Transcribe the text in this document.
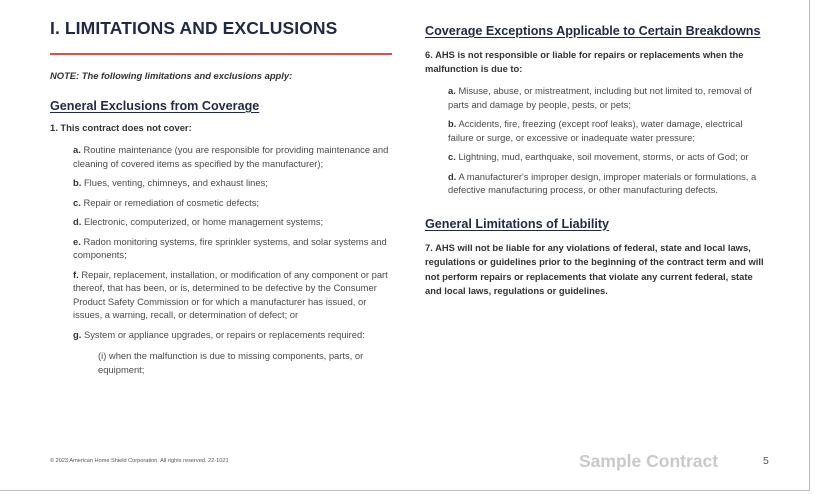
I. LIMITATIONS AND EXCLUSIONS
NOTE: The following limitations and exclusions apply:
General Exclusions from Coverage
1. This contract does not cover:
a. Routine maintenance (you are responsible for providing maintenance and cleaning of covered items as specified by the manufacturer);
b. Flues, venting, chimneys, and exhaust lines;
c. Repair or remediation of cosmetic defects;
d. Electronic, computerized, or home management systems;
e. Radon monitoring systems, fire sprinkler systems, and solar systems and components;
f. Repair, replacement, installation, or modification of any component or part thereof, that has been, or is, determined to be defective by the Consumer Product Safety Commission or for which a manufacturer has issued, or issues, a warning, recall, or determination of defect; or
g. System or appliance upgrades, or repairs or replacements required:
(i) when the malfunction is due to missing components, parts, or equipment;
Coverage Exceptions Applicable to Certain Breakdowns
6. AHS is not responsible or liable for repairs or replacements when the malfunction is due to:
a. Misuse, abuse, or mistreatment, including but not limited to, removal of parts and damage by people, pests, or pets;
b. Accidents, fire, freezing (except roof leaks), water damage, electrical failure or surge, or excessive or inadequate water pressure;
c. Lightning, mud, earthquake, soil movement, storms, or acts of God; or
d. A manufacturer's improper design, improper materials or formulations, a defective manufacturing process, or other manufacturing defects.
General Limitations of Liability
7. AHS will not be liable for any violations of federal, state and local laws, regulations or guidelines prior to the beginning of the contract term and will not perform repairs or replacements that violate any current federal, state and local laws, regulations or guidelines.
© 2023 American Home Shield Corporation. All rights reserved. 22-1021	Sample Contract	5
